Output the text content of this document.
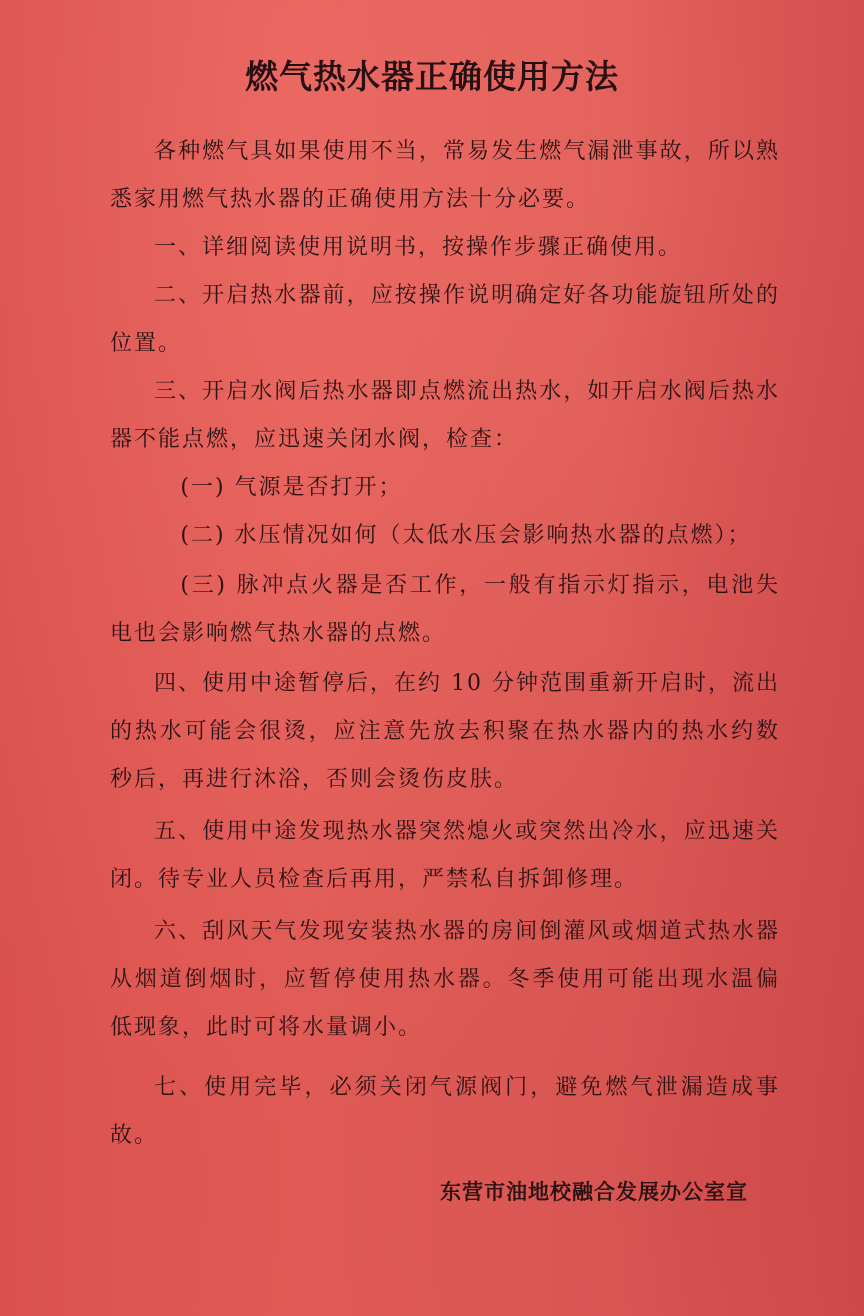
燃气热水器正确使用方法
各种燃气具如果使用不当，常易发生燃气漏泄事故，所以熟悉家用燃气热水器的正确使用方法十分必要。
一、详细阅读使用说明书，按操作步骤正确使用。
二、开启热水器前，应按操作说明确定好各功能旋钮所处的位置。
三、开启水阀后热水器即点燃流出热水，如开启水阀后热水器不能点燃，应迅速关闭水阀，检查：
(一) 气源是否打开；
(二) 水压情况如何（太低水压会影响热水器的点燃）；
(三) 脉冲点火器是否工作，一般有指示灯指示，电池失电也会影响燃气热水器的点燃。
四、使用中途暂停后，在约 10 分钟范围重新开启时，流出的热水可能会很烫，应注意先放去积聚在热水器内的热水约数秒后，再进行沐浴，否则会烫伤皮肤。
五、使用中途发现热水器突然熄火或突然出冷水，应迅速关闭。待专业人员检查后再用，严禁私自拆卸修理。
六、刮风天气发现安装热水器的房间倒灌风或烟道式热水器从烟道倒烟时，应暂停使用热水器。冬季使用可能出现水温偏低现象，此时可将水量调小。
七、使用完毕，必须关闭气源阀门，避免燃气泄漏造成事故。
东营市油地校融合发展办公室宣
